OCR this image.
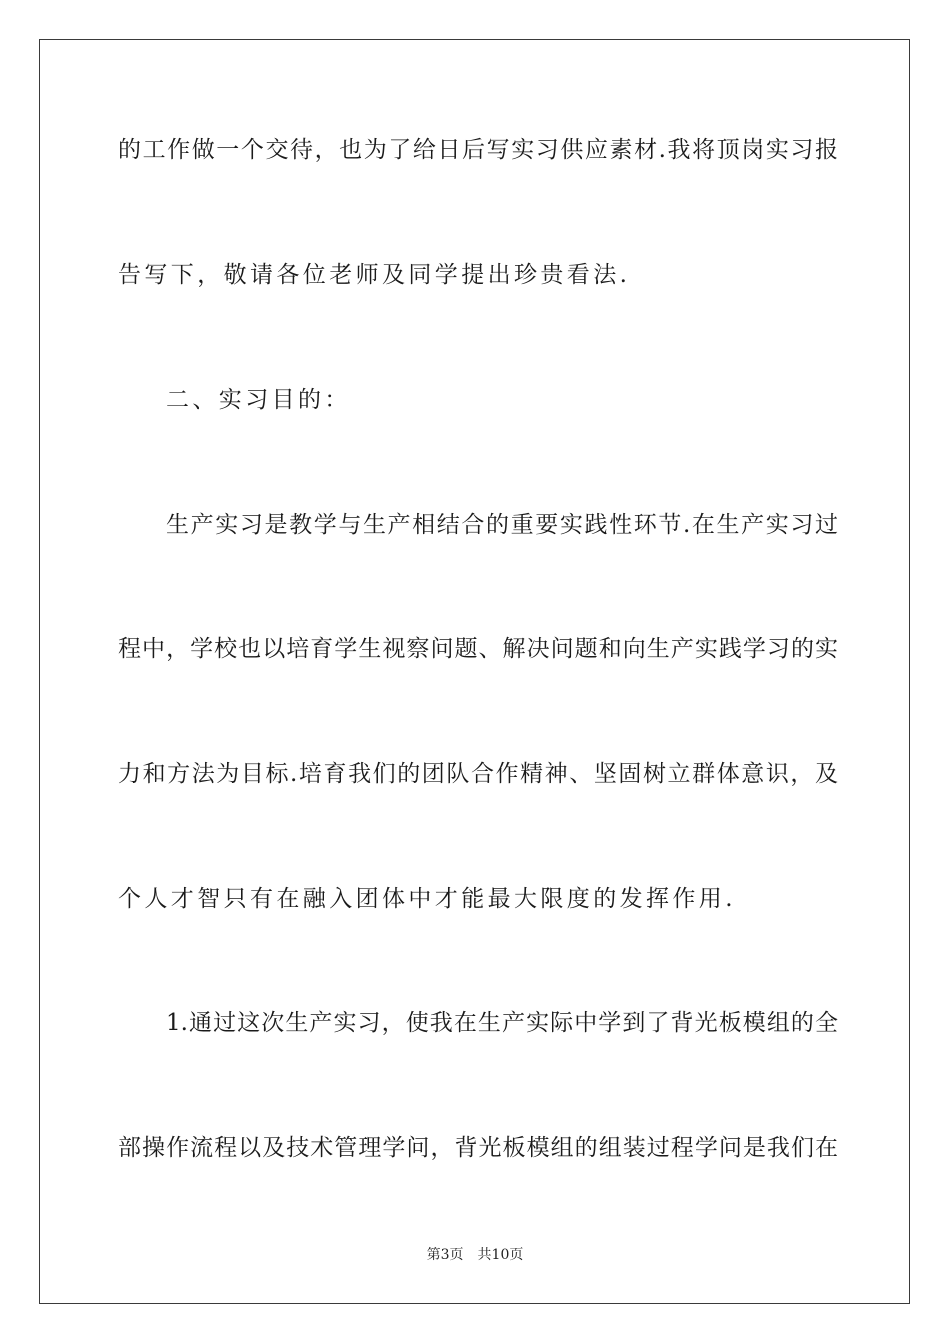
的工作做一个交待，也为了给日后写实习供应素材.我将顶岗实习报
告写下，敬请各位老师及同学提出珍贵看法.
二、实习目的：
生产实习是教学与生产相结合的重要实践性环节.在生产实习过
程中，学校也以培育学生视察问题、解决问题和向生产实践学习的实
力和方法为目标.培育我们的团队合作精神、坚固树立群体意识，及
个人才智只有在融入团体中才能最大限度的发挥作用.
1.通过这次生产实习，使我在生产实际中学到了背光板模组的全
部操作流程以及技术管理学问，背光板模组的组装过程学问是我们在
第3页 共10页
